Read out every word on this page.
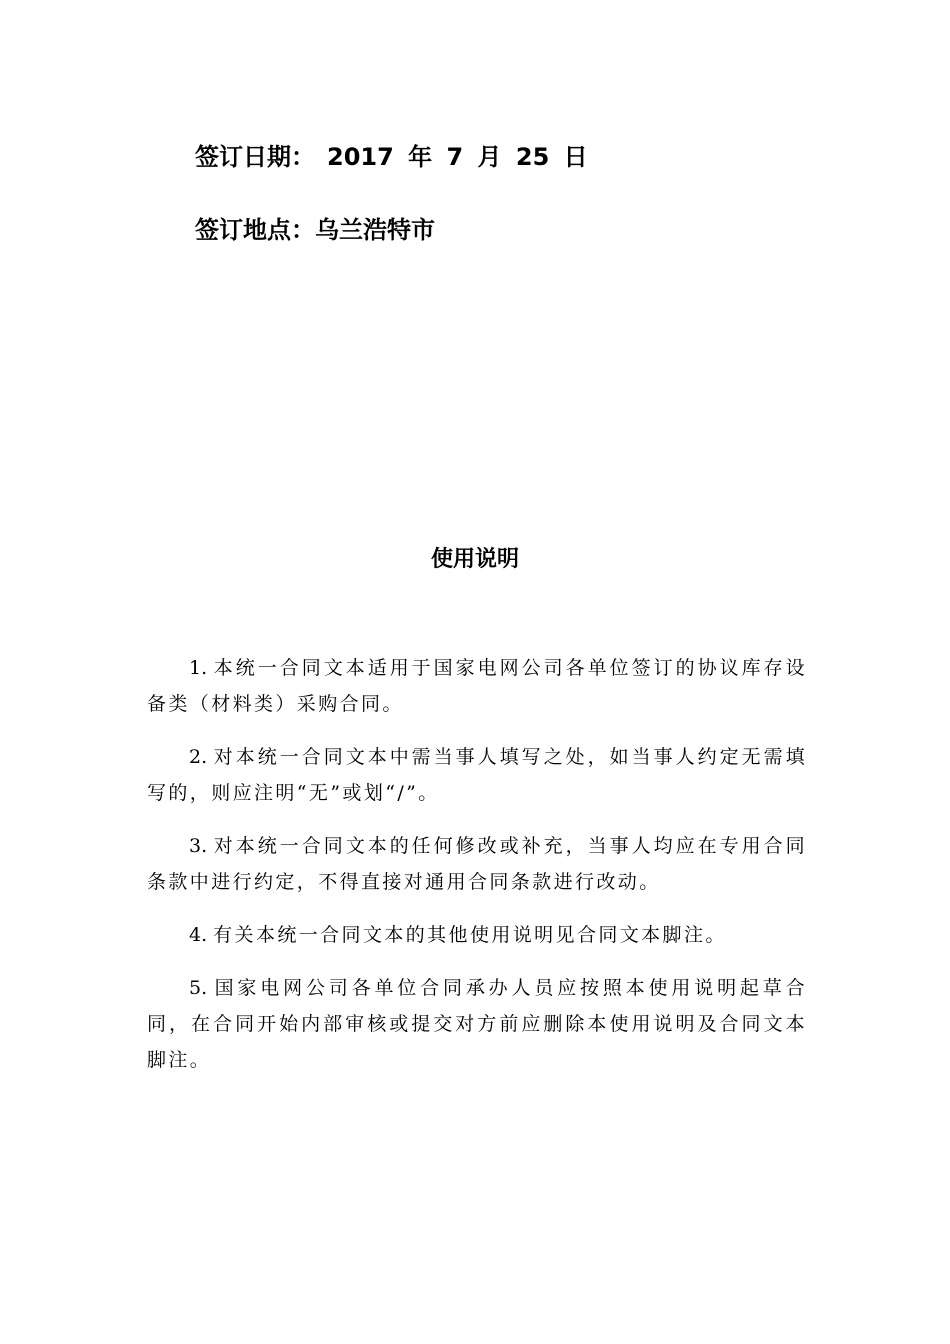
签订日期： 2017 年 7 月 25 日
签订地点：乌兰浩特市
使用说明
1. 本统一合同文本适用于国家电网公司各单位签订的协议库存设备类（材料类）采购合同。
2. 对本统一合同文本中需当事人填写之处，如当事人约定无需填写的，则应注明“无”或划“/”。
3. 对本统一合同文本的任何修改或补充，当事人均应在专用合同条款中进行约定，不得直接对通用合同条款进行改动。
4. 有关本统一合同文本的其他使用说明见合同文本脚注。
5. 国家电网公司各单位合同承办人员应按照本使用说明起草合同，在合同开始内部审核或提交对方前应删除本使用说明及合同文本脚注。
